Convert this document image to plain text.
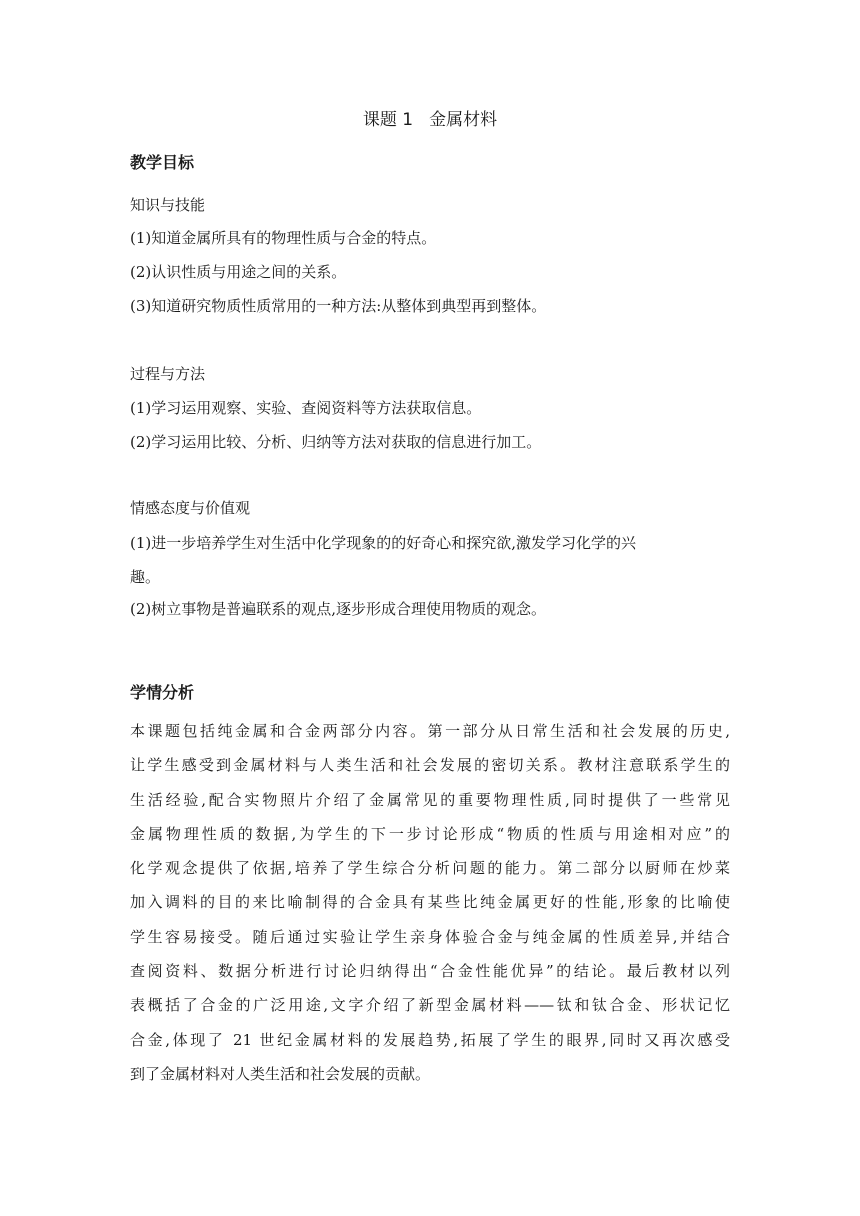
课题 1 金属材料
教学目标
知识与技能
(1)知道金属所具有的物理性质与合金的特点。
(2)认识性质与用途之间的关系。
(3)知道研究物质性质常用的一种方法:从整体到典型再到整体。
过程与方法
(1)学习运用观察、实验、查阅资料等方法获取信息。
(2)学习运用比较、分析、归纳等方法对获取的信息进行加工。
情感态度与价值观
(1)进一步培养学生对生活中化学现象的的好奇心和探究欲,激发学习化学的兴
趣。
(2)树立事物是普遍联系的观点,逐步形成合理使用物质的观念。
学情分析
本课题包括纯金属和合金两部分内容。第一部分从日常生活和社会发展的历史,
让学生感受到金属材料与人类生活和社会发展的密切关系。教材注意联系学生的
生活经验,配合实物照片介绍了金属常见的重要物理性质,同时提供了一些常见
金属物理性质的数据,为学生的下一步讨论形成“物质的性质与用途相对应”的
化学观念提供了依据,培养了学生综合分析问题的能力。第二部分以厨师在炒菜
加入调料的目的来比喻制得的合金具有某些比纯金属更好的性能,形象的比喻使
学生容易接受。随后通过实验让学生亲身体验合金与纯金属的性质差异,并结合
查阅资料、数据分析进行讨论归纳得出“合金性能优异”的结论。最后教材以列
表概括了合金的广泛用途,文字介绍了新型金属材料——钛和钛合金、形状记忆
合金,体现了 21 世纪金属材料的发展趋势,拓展了学生的眼界,同时又再次感受
到了金属材料对人类生活和社会发展的贡献。
